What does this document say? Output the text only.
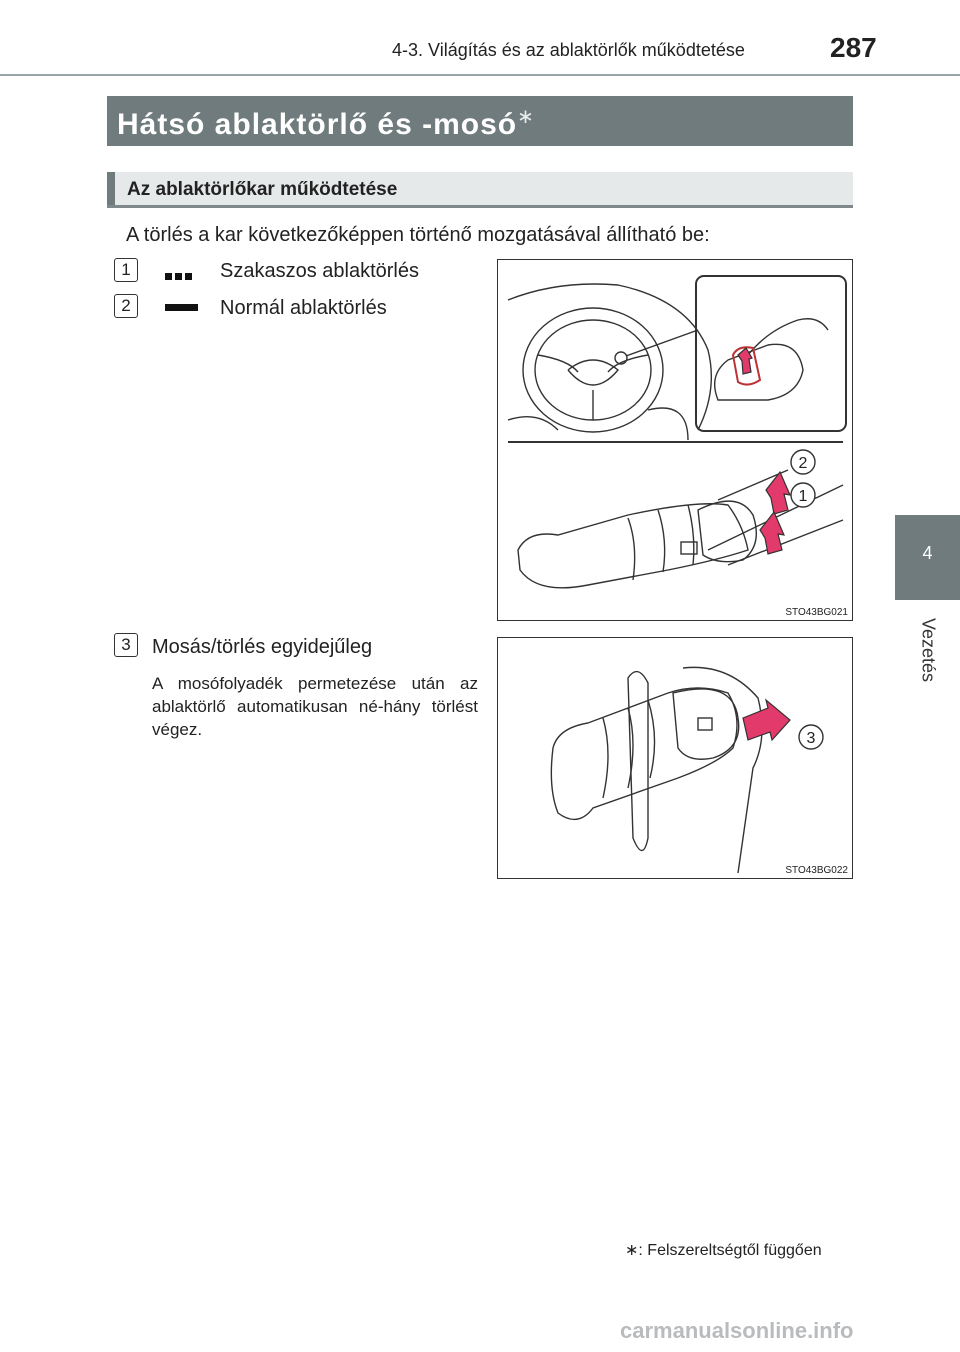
4-3. Világítás és az ablaktörlők működtetése	287
4
Vezetés
Hátsó ablaktörlő és -mosó∗
Az ablaktörlőkar működtetése
A törlés a kar következőképpen történő mozgatásával állítható be:
1	Szakaszos ablaktörlés
2	Normál ablaktörlés
3	Mosás/törlés egyidejűleg
A mosófolyadék permetezése után az ablaktörlő automatikusan né-hány törlést végez.
2
1
STO43BG021
3
STO43BG022
∗: Felszereltségtől függően
carmanualsonline.info
